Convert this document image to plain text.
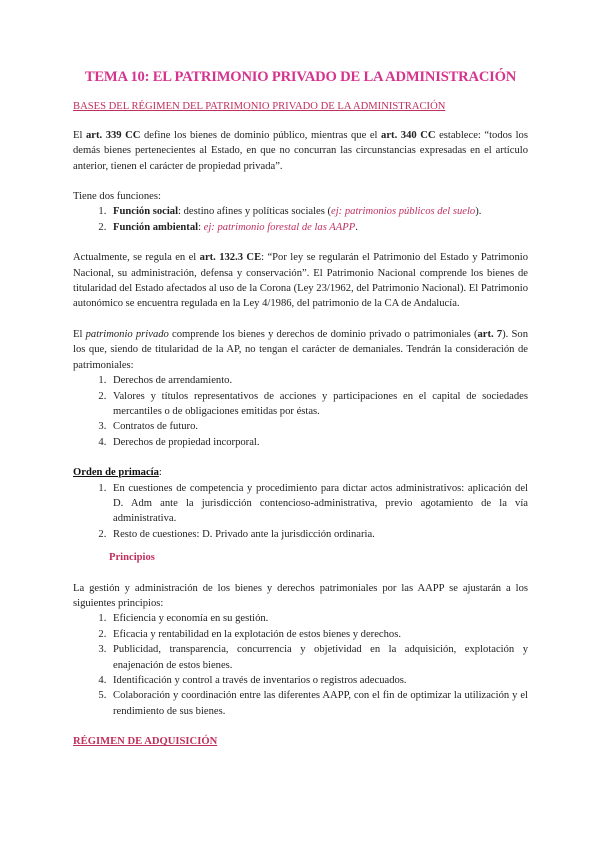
TEMA 10: EL PATRIMONIO PRIVADO DE LA ADMINISTRACIÓN
BASES DEL RÉGIMEN DEL PATRIMONIO PRIVADO DE LA ADMINISTRACIÓN

El art. 339 CC define los bienes de dominio público, mientras que el art. 340 CC establece: “todos los demás bienes pertenecientes al Estado, en que no concurran las circunstancias expresadas en el artículo anterior, tienen el carácter de propiedad privada”.

Tiene dos funciones:

1. Función social: destino afines y políticas sociales (ej: patrimonios públicos del suelo).
2. Función ambiental: ej: patrimonio forestal de las AAPP.

Actualmente, se regula en el art. 132.3 CE: “Por ley se regularán el Patrimonio del Estado y Patrimonio Nacional, su administración, defensa y conservación”. El Patrimonio Nacional comprende los bienes de titularidad del Estado afectados al uso de la Corona (Ley 23/1962, del Patrimonio Nacional). El Patrimonio autonómico se encuentra regulada en la Ley 4/1986, del patrimonio de la CA de Andalucía.

El patrimonio privado comprende los bienes y derechos de dominio privado o patrimoniales (art. 7). Son los que, siendo de titularidad de la AP, no tengan el carácter de demaniales. Tendrán la consideración de patrimoniales:

1. Derechos de arrendamiento.
2. Valores y títulos representativos de acciones y participaciones en el capital de sociedades mercantiles o de obligaciones emitidas por éstas.
3. Contratos de futuro.
4. Derechos de propiedad incorporal.

Orden de primacía:

1. En cuestiones de competencia y procedimiento para dictar actos administrativos: aplicación del D. Adm ante la jurisdicción contencioso-administrativa, previo agotamiento de la vía administrativa.
2. Resto de cuestiones: D. Privado ante la jurisdicción ordinaria.
Principios

La gestión y administración de los bienes y derechos patrimoniales por las AAPP se ajustarán a los siguientes principios:

1. Eficiencia y economía en su gestión.
2. Eficacia y rentabilidad en la explotación de estos bienes y derechos.
3. Publicidad, transparencia, concurrencia y objetividad en la adquisición, explotación y enajenación de estos bienes.
4. Identificación y control a través de inventarios o registros adecuados.
5. Colaboración y coordinación entre las diferentes AAPP, con el fin de optimizar la utilización y el rendimiento de sus bienes.
RÉGIMEN DE ADQUISICIÓN
